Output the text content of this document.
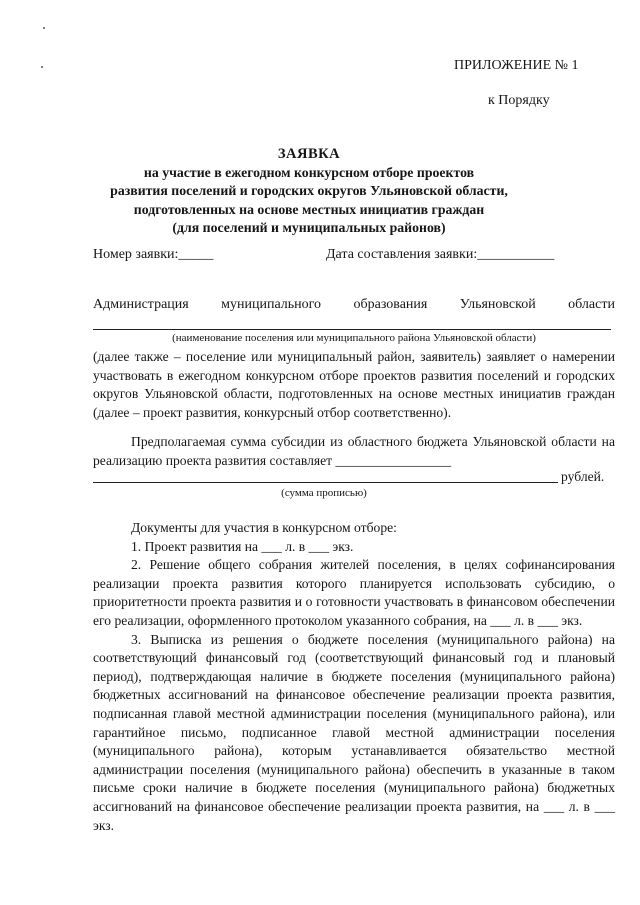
ПРИЛОЖЕНИЕ № 1
к Порядку
ЗАЯВКА
на участие в ежегодном конкурсном отборе проектов
развития поселений и городских округов Ульяновской области,
подготовленных на основе местных инициатив граждан
(для поселений и муниципальных районов)
Номер заявки:_____	Дата составления заявки:___________
Администрация муниципального образования Ульяновской области
(наименование поселения или муниципального района Ульяновской области)

(далее также – поселение или муниципальный район, заявитель) заявляет о намерении участвовать в ежегодном конкурсном отборе проектов развития поселений и городских округов Ульяновской области, подготовленных на основе местных инициатив граждан (далее – проект развития, конкурсный отбор соответственно).

Предполагаемая сумма субсидии из областного бюджета Ульяновской области на реализацию проекта развития составляет _________________

рублей.
(сумма прописью)

Документы для участия в конкурсном отборе:

1. Проект развития на ___ л. в ___ экз.

2. Решение общего собрания жителей поселения, в целях софинансирования реализации проекта развития которого планируется использовать субсидию, о приоритетности проекта развития и о готовности участвовать в финансовом обеспечении его реализации, оформленного протоколом указанного собрания, на ___ л. в ___ экз.

3. Выписка из решения о бюджете поселения (муниципального района) на соответствующий финансовый год (соответствующий финансовый год и плановый период), подтверждающая наличие в бюджете поселения (муниципального района) бюджетных ассигнований на финансовое обеспечение реализации проекта развития, подписанная главой местной администрации поселения (муниципального района), или гарантийное письмо, подписанное главой местной администрации поселения (муниципального района), которым устанавливается обязательство местной администрации поселения (муниципального района) обеспечить в указанные в таком письме сроки наличие в бюджете поселения (муниципального района) бюджетных ассигнований на финансовое обеспечение реализации проекта развития, на ___ л. в ___ экз.
